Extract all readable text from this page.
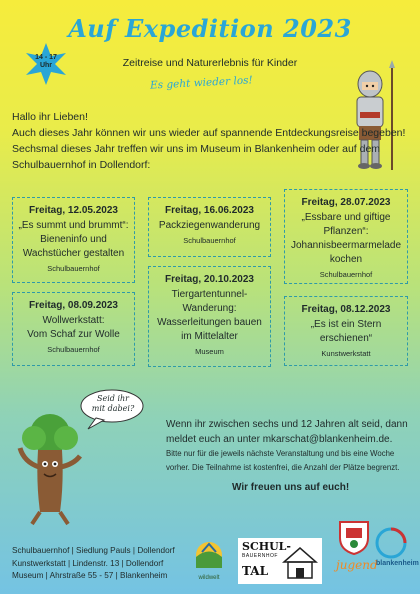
14 - 17
Uhr
Auf Expedition 2023
Zeitreise und Naturerlebnis für Kinder
Es geht wieder los!

Hallo ihr Lieben!

Auch dieses Jahr können wir uns wieder auf spannende Entdeckungsreise begeben!

Sechsmal dieses Jahr treffen wir uns im Museum in Blankenheim oder auf dem Schulbauernhof in Dollendorf:

Freitag, 12.05.2023
„Es summt und brummt“:
Bieneninfo und
Wachstücher gestalten
Schulbauernhof
Freitag, 16.06.2023
Packziegenwanderung
Schulbauernhof
Freitag, 28.07.2023
„Essbare und giftige
Pflanzen“:
Johannisbeermarmelade
kochen
Schulbauernhof
Freitag, 08.09.2023
Wollwerkstatt:
Vom Schaf zur Wolle
Schulbauernhof
Freitag, 20.10.2023
Tiergartentunnel-
Wanderung:
Wasserleitungen bauen
im Mittelalter
Museum
Freitag, 08.12.2023
„Es ist ein Stern
erschienen“
Kunstwerkstatt
Seid ihr
mit dabei?
Wenn ihr zwischen sechs und 12 Jahren alt seid, dann meldet euch an unter mkarschat@blankenheim.de.
Bitte nur für die jeweils nächste Veranstaltung und bis eine Woche vorher. Die Teilnahme ist kostenfrei, die Anzahl der Plätze begrenzt.
Wir freuen uns auf euch!
Schulbauernhof | Siedlung Pauls | Dollendorf
Kunstwerkstatt | Lindenstr. 13 | Dollendorf
Museum | Ahrstraße 55 - 57 | Blankenheim	wildwelt
SCHUL-
BAUERNHOF
TAL	jugend
blankenheim
